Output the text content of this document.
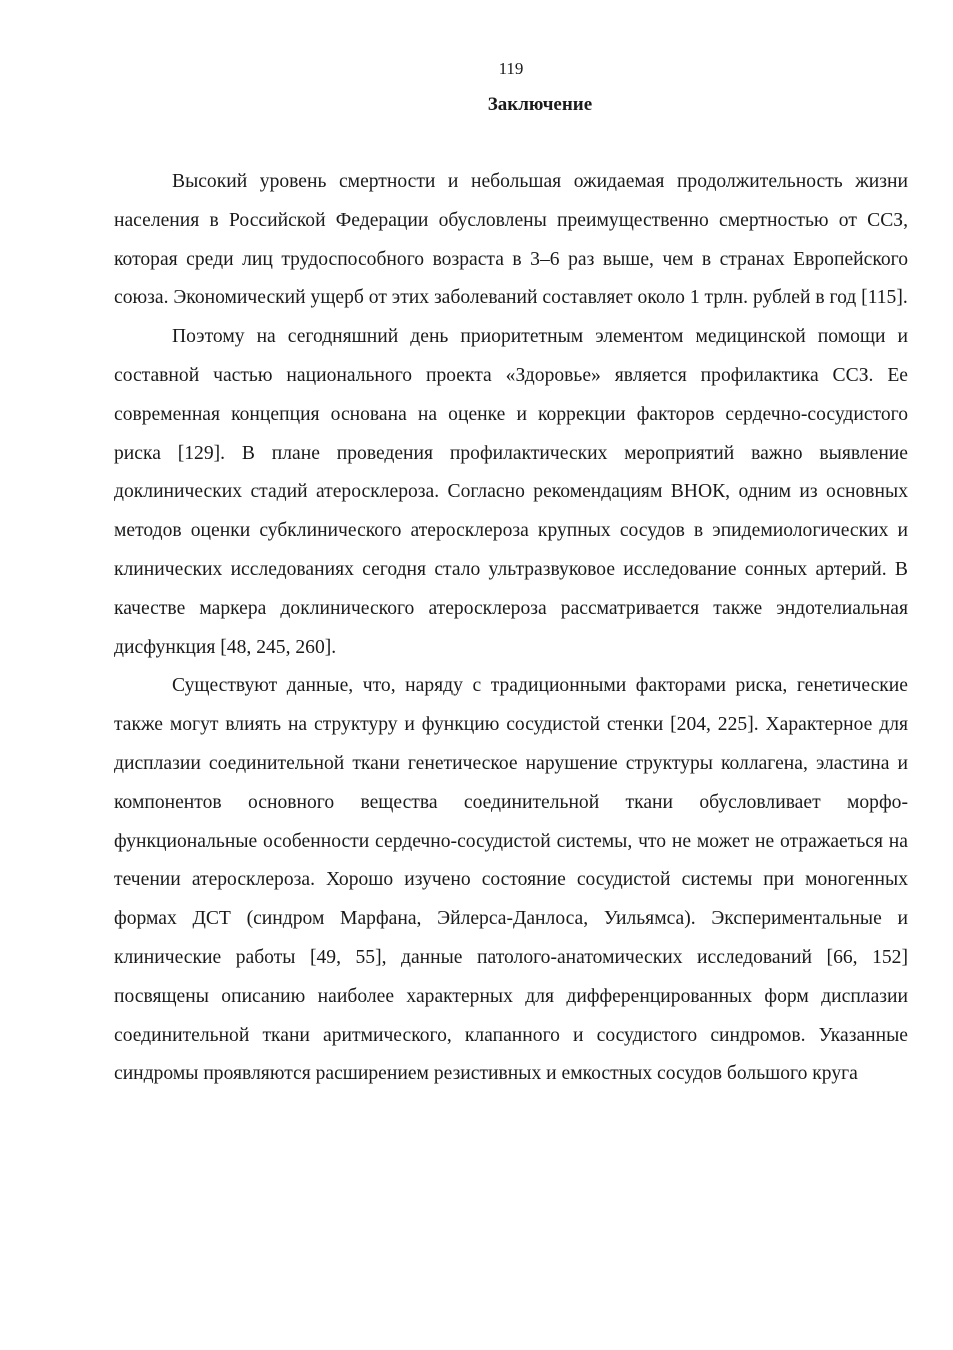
119
Заключение

Высокий уровень смертности и небольшая ожидаемая продолжительность жизни населения в Российской Федерации обусловлены преимущественно смертностью от ССЗ, которая среди лиц трудоспособного возраста в 3–6 раз выше, чем в странах Европейского союза. Экономический ущерб от этих заболеваний составляет около 1 трлн. рублей в год [115].

Поэтому на сегодняшний день приоритетным элементом медицинской помощи и составной частью национального проекта «Здоровье» является профилактика ССЗ. Ее современная концепция основана на оценке и коррекции факторов сердечно-сосудистого риска [129]. В плане проведения профилактических мероприятий важно выявление доклинических стадий атеросклероза. Согласно рекомендациям ВНОК, одним из основных методов оценки субклинического атеросклероза крупных сосудов в эпидемиологических и клинических исследованиях сегодня стало ультразвуковое исследование сонных артерий. В качестве маркера доклинического атеросклероза рассматривается также эндотелиальная дисфункция [48, 245, 260].

Существуют данные, что, наряду с традиционными факторами риска, генетические также могут влиять на структуру и функцию сосудистой стенки [204, 225]. Характерное для дисплазии соединительной ткани генетическое нарушение структуры коллагена, эластина и компонентов основного вещества соединительной ткани обусловливает морфо-функциональные особенности сердечно-сосудистой системы, что не может не отражаеться на течении атеросклероза. Хорошо изучено состояние сосудистой системы при моногенных формах ДСТ (синдром Марфана, Эйлерса-Данлоса, Уильямса). Экспериментальные и клинические работы [49, 55], данные патолого-анатомических исследований [66, 152] посвящены описанию наиболее характерных для дифференцированных форм дисплазии соединительной ткани аритмического, клапанного и сосудистого синдромов. Указанные синдромы проявляются расширением резистивных и емкостных сосудов большого круга
